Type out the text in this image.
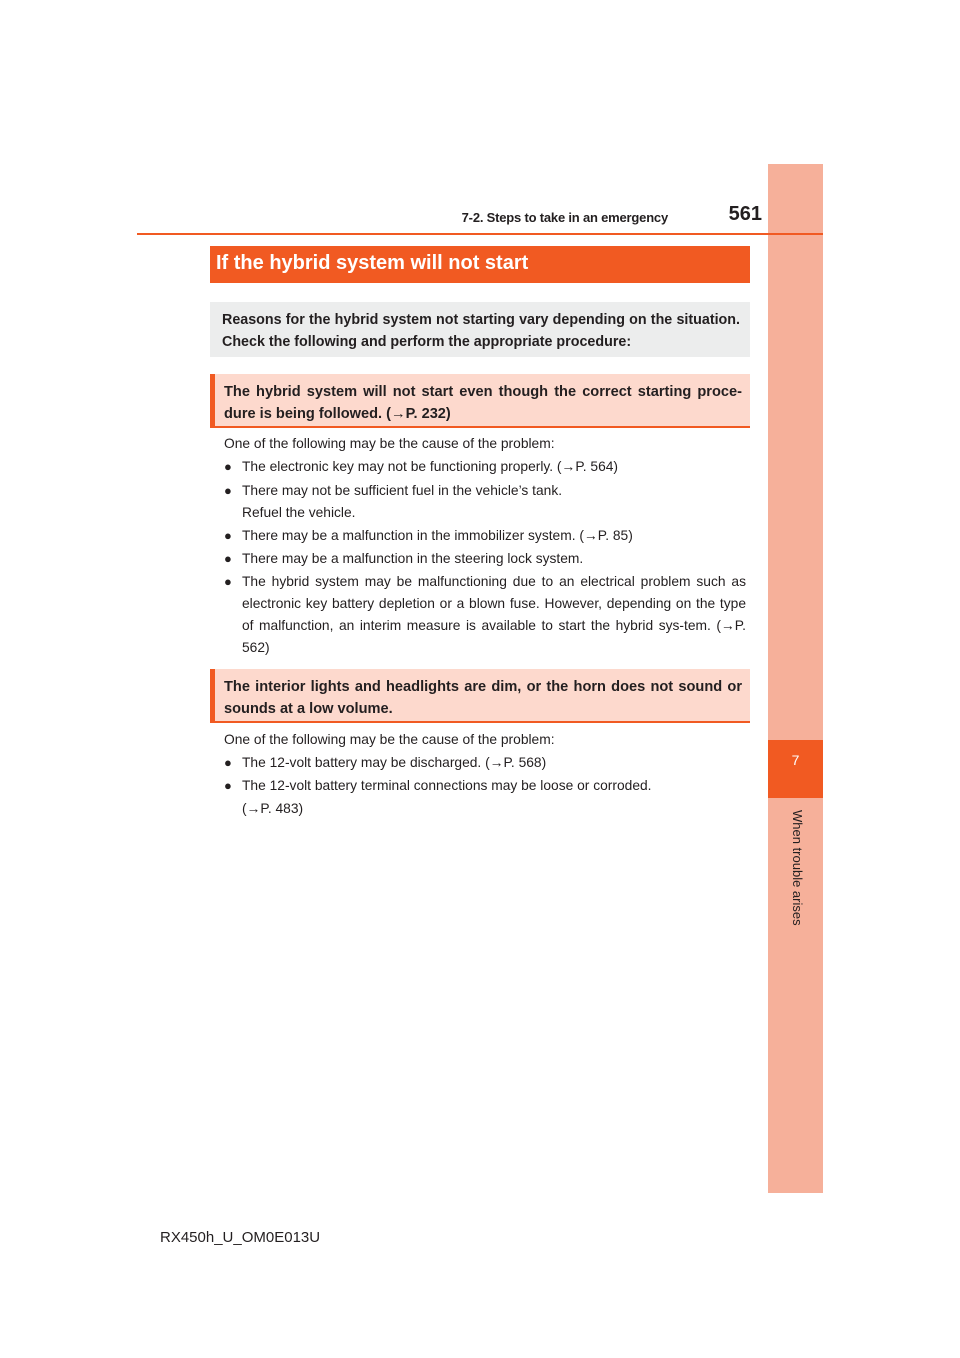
7
When trouble arises
7-2. Steps to take in an emergency	561
If the hybrid system will not start
Reasons for the hybrid system not starting vary depending on the situation. Check the following and perform the appropriate procedure:
The hybrid system will not start even though the correct starting proce-dure is being followed. (→P. 232)
One of the following may be the cause of the problem:
● The electronic key may not be functioning properly. (→P. 564)
● There may not be sufficient fuel in the vehicle’s tank.
Refuel the vehicle.
● There may be a malfunction in the immobilizer system. (→P. 85)
● There may be a malfunction in the steering lock system.
● The hybrid system may be malfunctioning due to an electrical problem such as electronic key battery depletion or a blown fuse. However, depending on the type of malfunction, an interim measure is available to start the hybrid sys-tem. (→P. 562)
The interior lights and headlights are dim, or the horn does not sound or sounds at a low volume.
One of the following may be the cause of the problem:
● The 12-volt battery may be discharged. (→P. 568)
● The 12-volt battery terminal connections may be loose or corroded.
(→P. 483)
RX450h_U_OM0E013U
